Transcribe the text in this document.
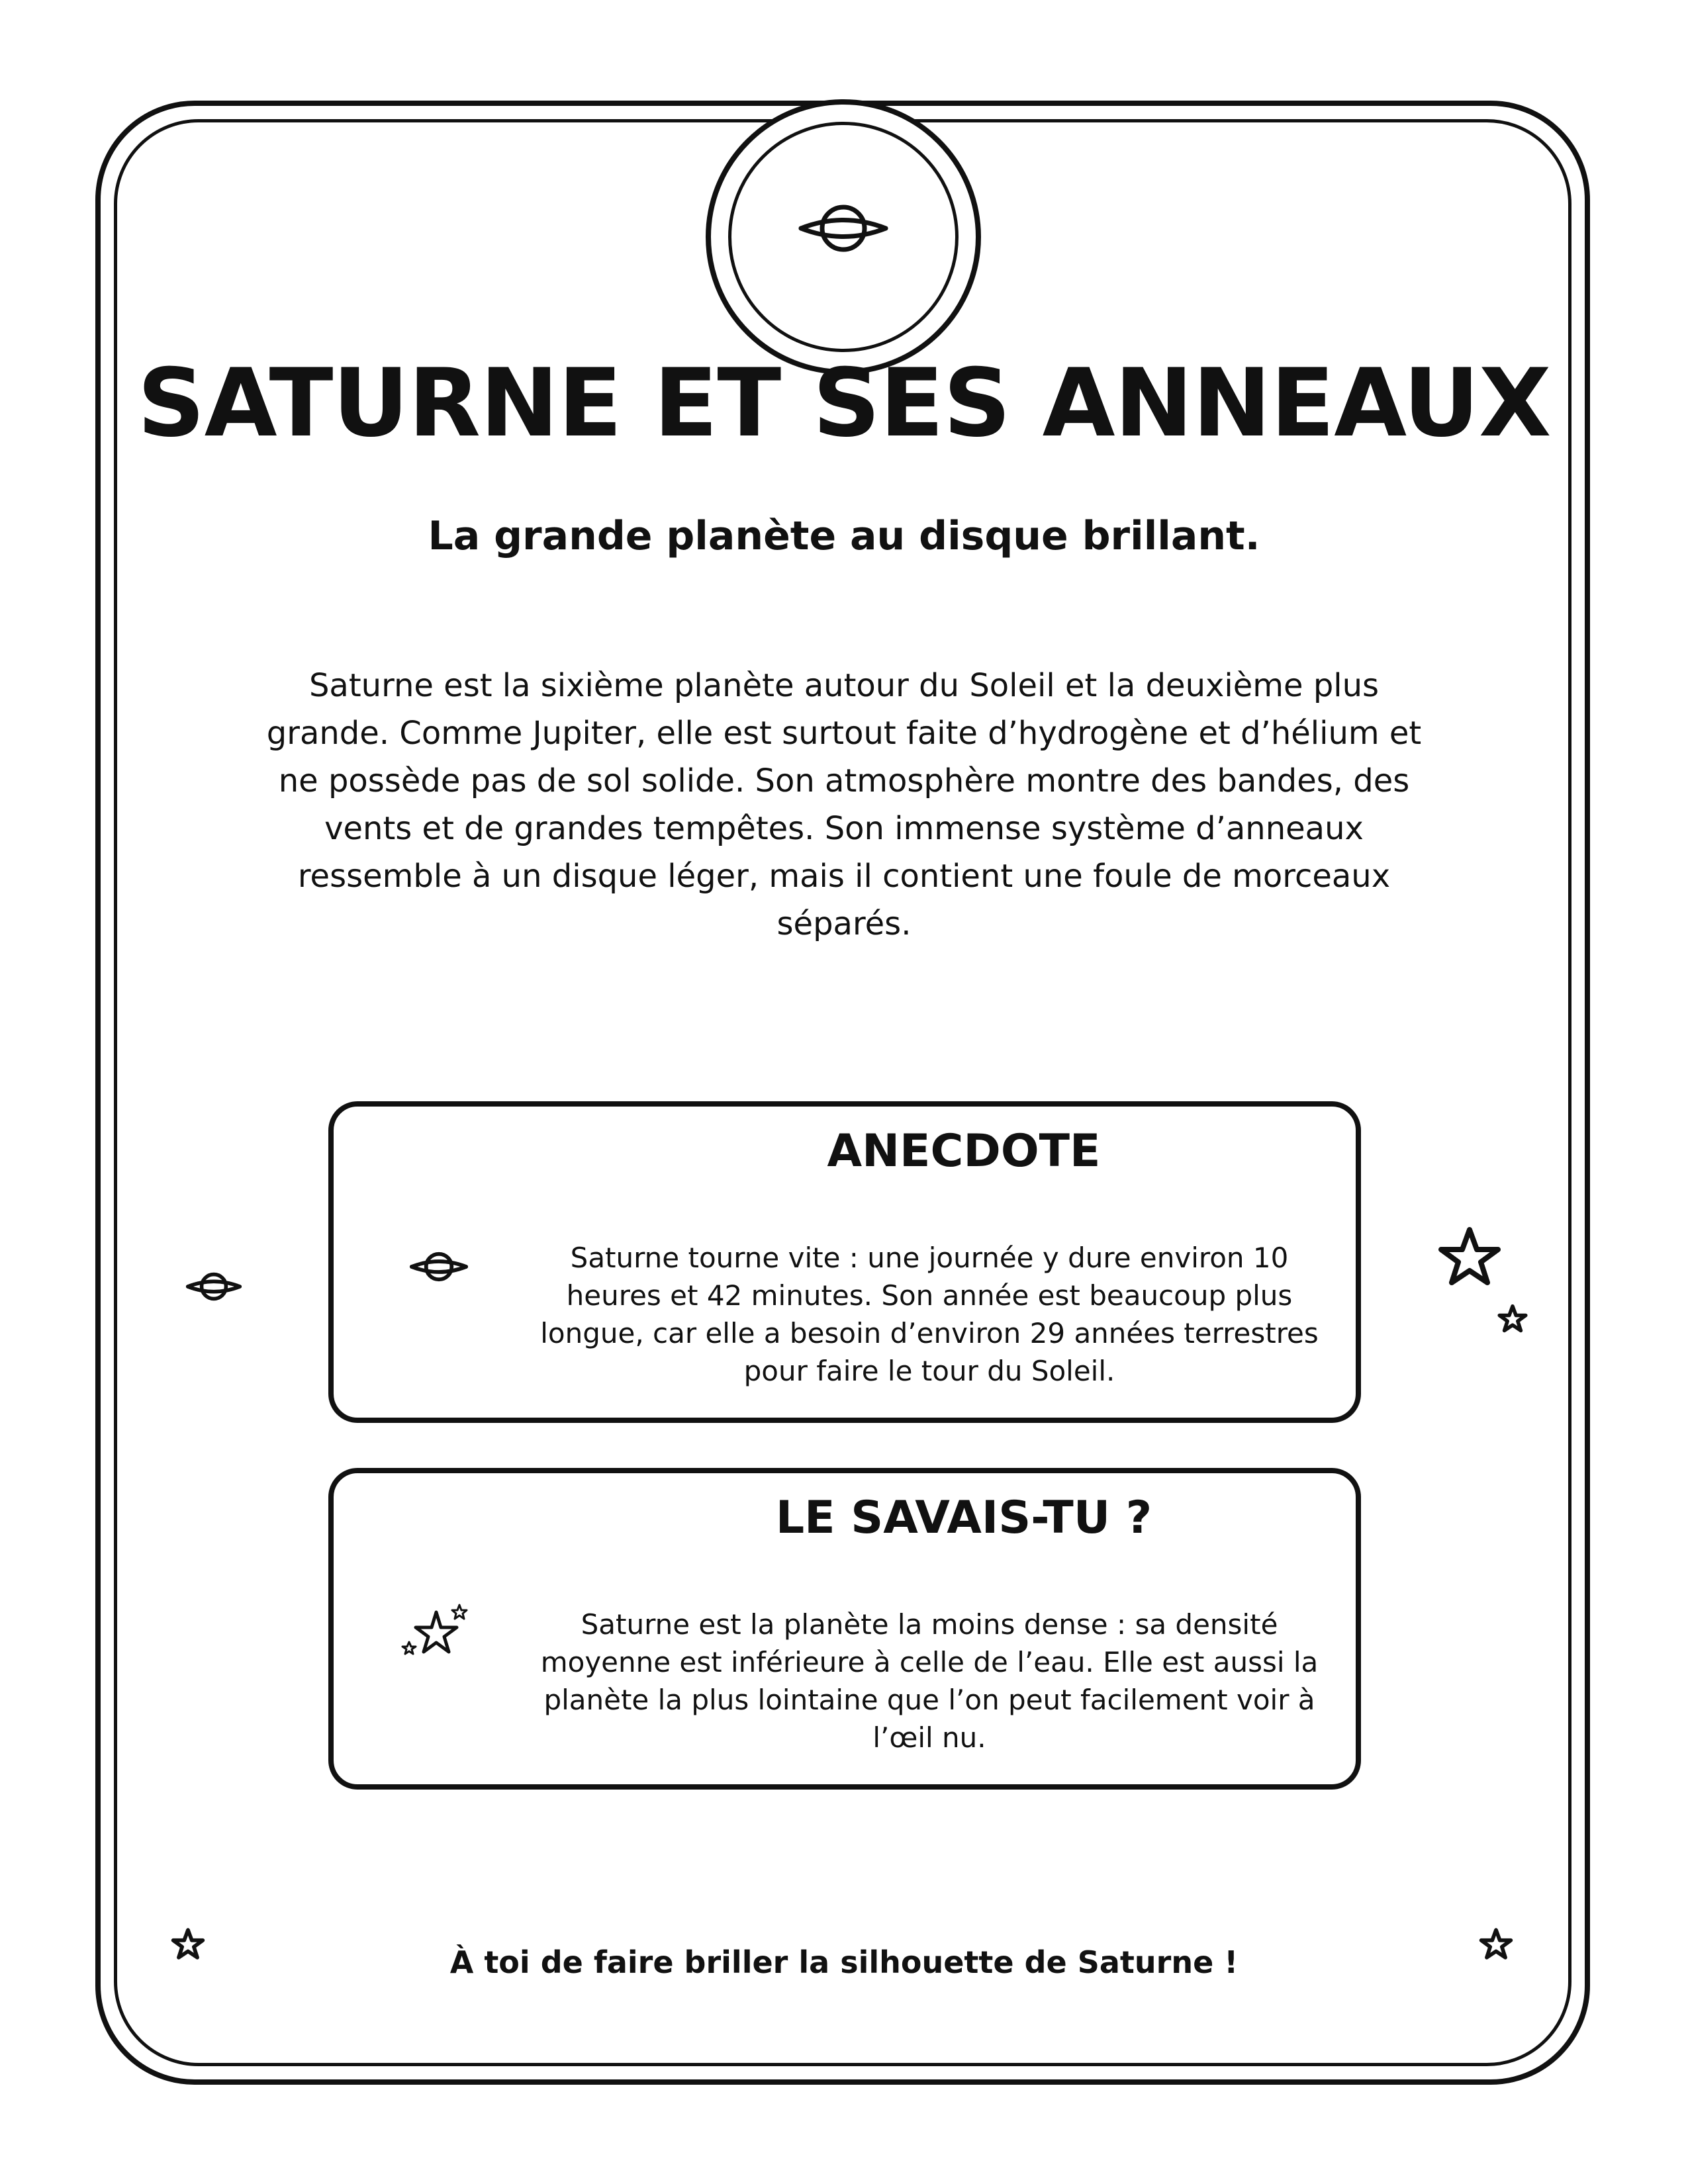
SATURNE ET SES ANNEAUX
La grande planète au disque brillant.

Saturne est la sixième planète autour du Soleil et la deuxième plus grande. Comme Jupiter, elle est surtout faite d’hydrogène et d’hélium et ne possède pas de sol solide. Son atmosphère montre des bandes, des vents et de grandes tempêtes. Son immense système d’anneaux ressemble à un disque léger, mais il contient une foule de morceaux séparés.

ANECDOTE

Saturne tourne vite : une journée y dure environ 10 heures et 42 minutes. Son année est beaucoup plus longue, car elle a besoin d’environ 29 années terrestres pour faire le tour du Soleil.

LE SAVAIS-TU ?

Saturne est la planète la moins dense : sa densité moyenne est inférieure à celle de l’eau. Elle est aussi la planète la plus lointaine que l’on peut facilement voir à l’œil nu.

À toi de faire briller la silhouette de Saturne !
